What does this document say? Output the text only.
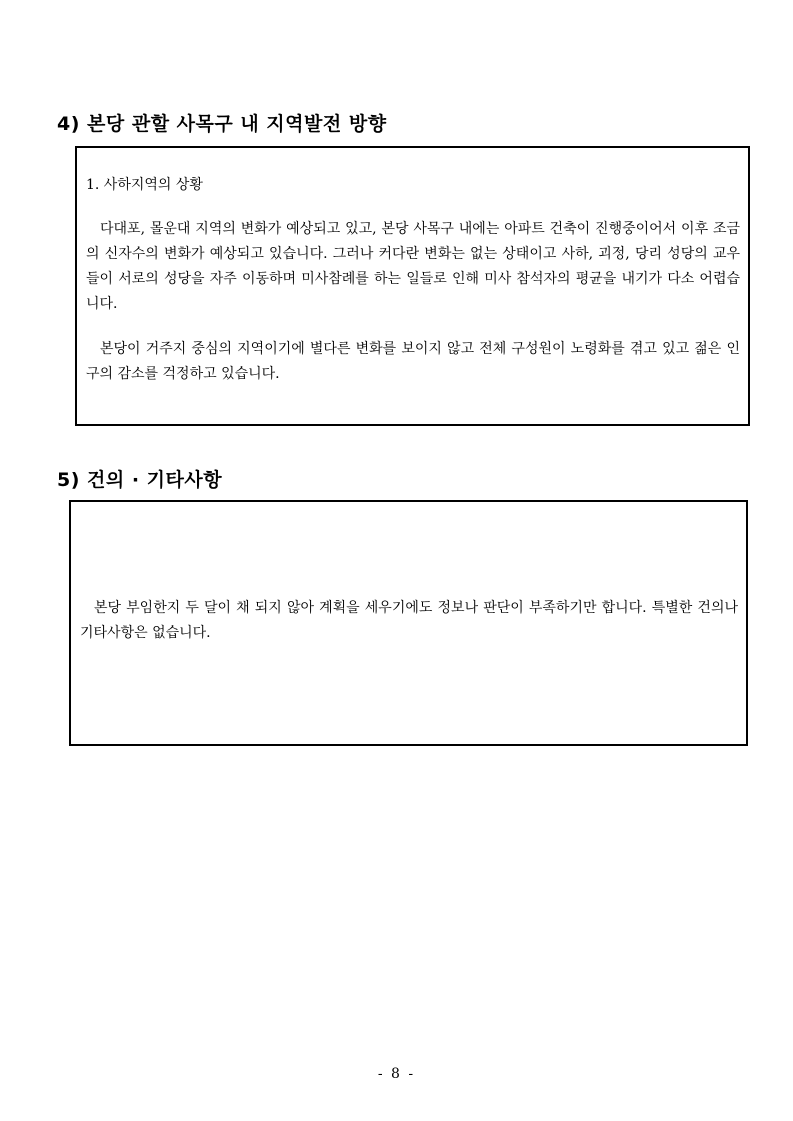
4) 본당 관할 사목구 내 지역발전 방향

1. 사하지역의 상황

다대포, 몰운대 지역의 변화가 예상되고 있고, 본당 사목구 내에는 아파트 건축이 진행중이어서 이후 조금의 신자수의 변화가 예상되고 있습니다. 그러나 커다란 변화는 없는 상태이고 사하, 괴정, 당리 성당의 교우들이 서로의 성당을 자주 이동하며 미사참례를 하는 일들로 인해 미사 참석자의 평균을 내기가 다소 어렵습니다.

본당이 거주지 중심의 지역이기에 별다른 변화를 보이지 않고 전체 구성원이 노령화를 겪고 있고 젊은 인구의 감소를 걱정하고 있습니다.

5) 건의 · 기타사항

본당 부임한지 두 달이 채 되지 않아 계획을 세우기에도 정보나 판단이 부족하기만 합니다. 특별한 건의나 기타사항은 없습니다.

- 8 -
